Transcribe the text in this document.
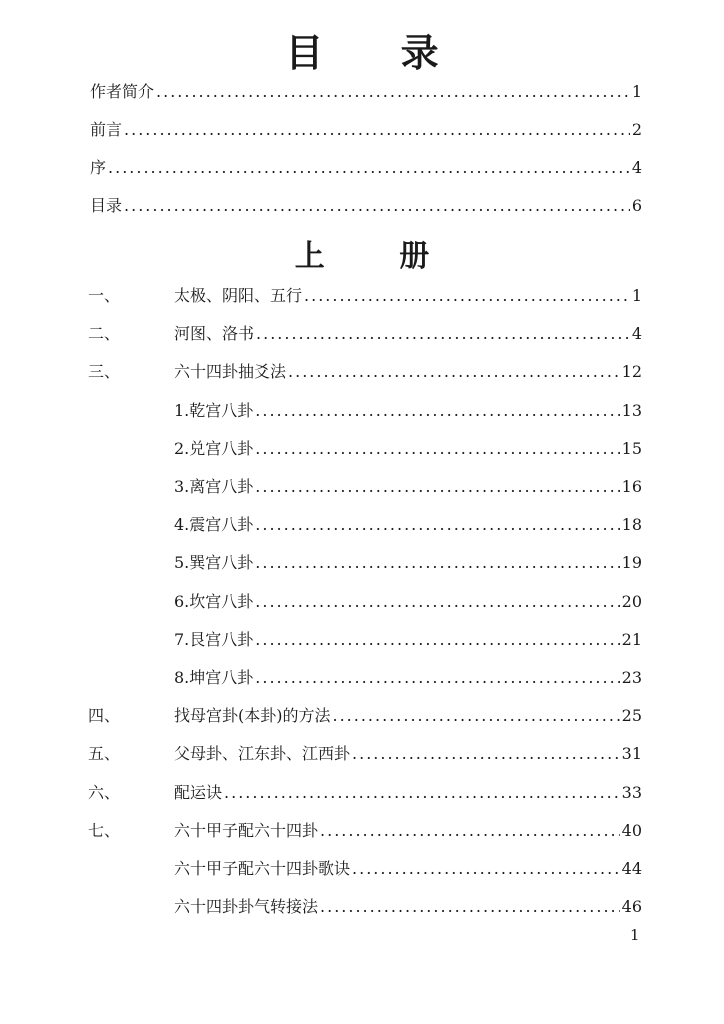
目 录
作者简介 .....	1
前言 .....	2
序 .....	4
目录 .....	6
上 册
一、	太极、阴阳、五行 .....	1
二、	河图、洛书 .....	4
三、	六十四卦抽爻法 .....	12
1.乾宫八卦 .....	13
2.兑宫八卦 .....	15
3.离宫八卦 .....	16
4.震宫八卦 .....	18
5.巽宫八卦 .....	19
6.坎宫八卦 .....	20
7.艮宫八卦 .....	21
8.坤宫八卦 .....	23
四、	找母宫卦(本卦)的方法 .....	25
五、	父母卦、江东卦、江西卦 .....	31
六、	配运诀 .....	33
七、	六十甲子配六十四卦 .....	40
六十甲子配六十四卦歌诀 .....	44
六十四卦卦气转接法 .....	46
1
